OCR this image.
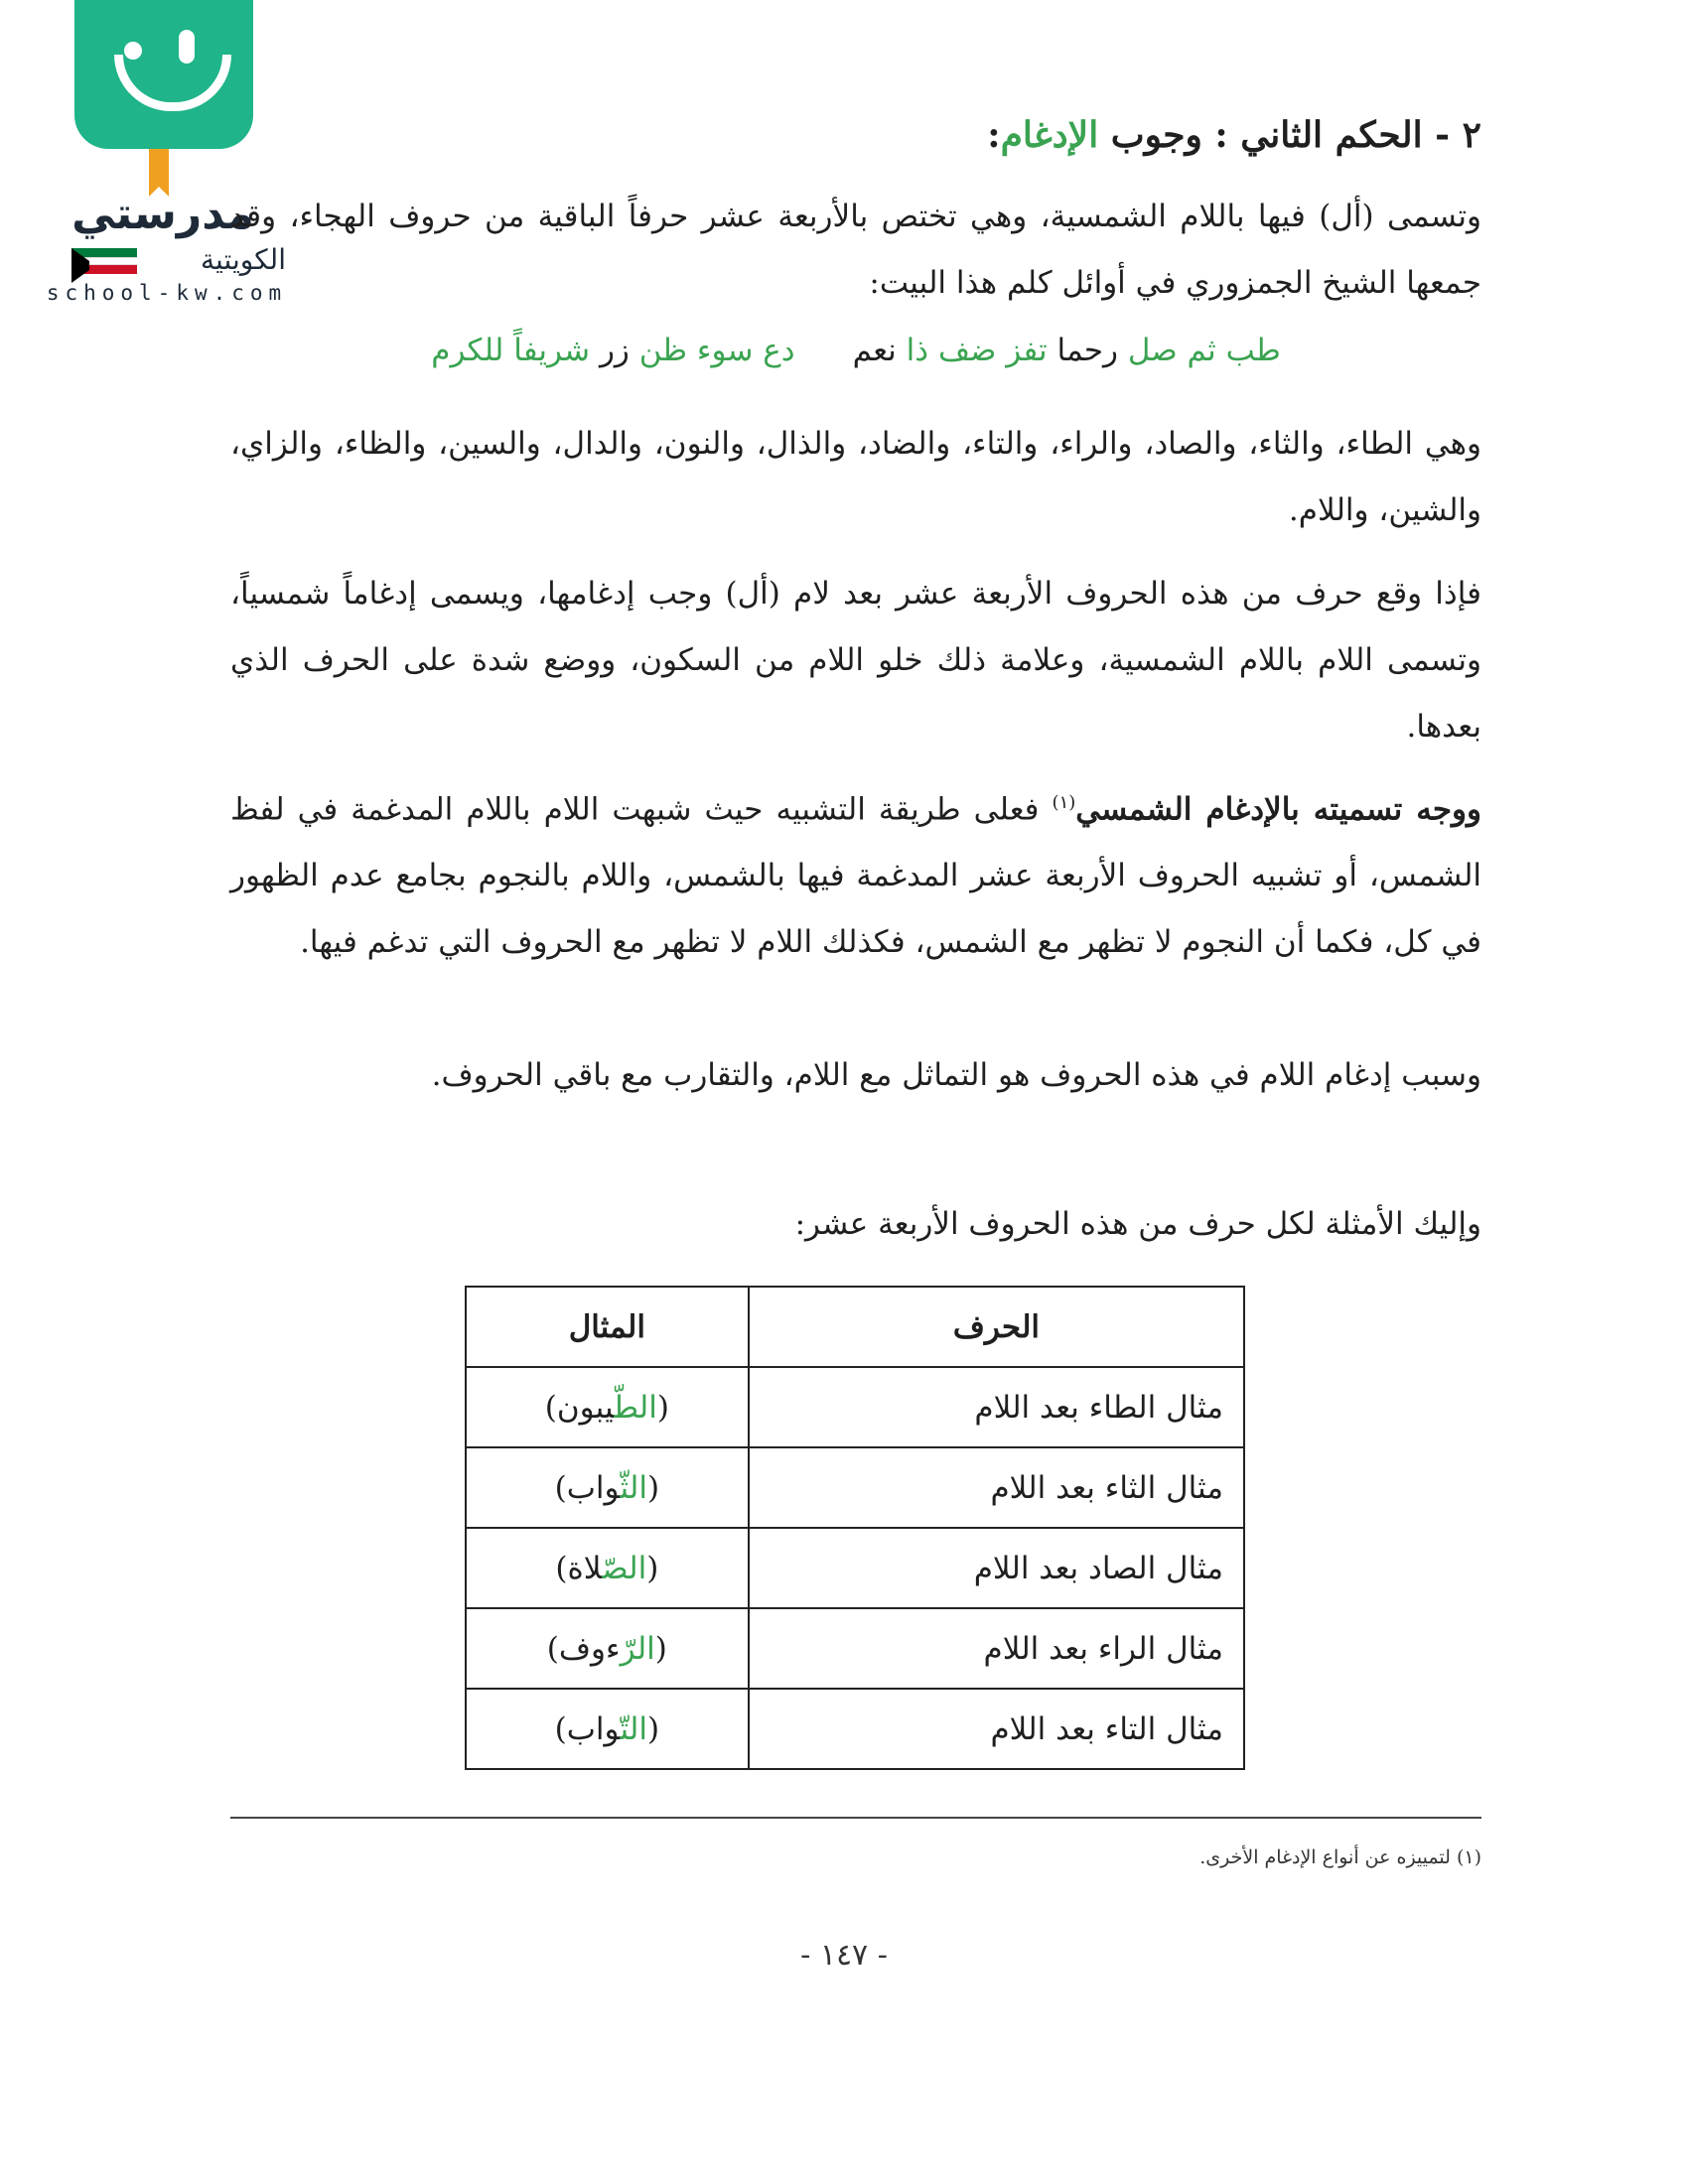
مدرستي
الكويتية
school-kw.com
٢ - الحكم الثاني : وجوب الإدغام:
وتسمى (أل) فيها باللام الشمسية، وهي تختص بالأربعة عشر حرفاً الباقية من حروف الهجاء، وقد جمعها الشيخ الجمزوري في أوائل كلم هذا البيت:
طب ثم صل رحما تفز ضف ذا نعم
دع سوء ظن زر شريفاً للكرم
وهي الطاء، والثاء، والصاد، والراء، والتاء، والضاد، والذال، والنون، والدال، والسين، والظاء، والزاي، والشين، واللام.
فإذا وقع حرف من هذه الحروف الأربعة عشر بعد لام (أل) وجب إدغامها، ويسمى إدغاماً شمسياً، وتسمى اللام باللام الشمسية، وعلامة ذلك خلو اللام من السكون، ووضع شدة على الحرف الذي بعدها.
ووجه تسميته بالإدغام الشمسي$^{(١)}$ فعلى طريقة التشبيه حيث شبهت اللام باللام المدغمة في لفظ الشمس، أو تشبيه الحروف الأربعة عشر المدغمة فيها بالشمس، واللام بالنجوم بجامع عدم الظهور في كل، فكما أن النجوم لا تظهر مع الشمس، فكذلك اللام لا تظهر مع الحروف التي تدغم فيها.
وسبب إدغام اللام في هذه الحروف هو التماثل مع اللام، والتقارب مع باقي الحروف.
وإليك الأمثلة لكل حرف من هذه الحروف الأربعة عشر:
الحرف	المثال
مثال الطاء بعد اللام	(الطّيبون)
مثال الثاء بعد اللام	(الثّواب)
مثال الصاد بعد اللام	(الصّلاة)
مثال الراء بعد اللام	(الرّءوف)
مثال التاء بعد اللام	(التّواب)
(١) لتمييزه عن أنواع الإدغام الأخرى.
- ١٤٧ -
